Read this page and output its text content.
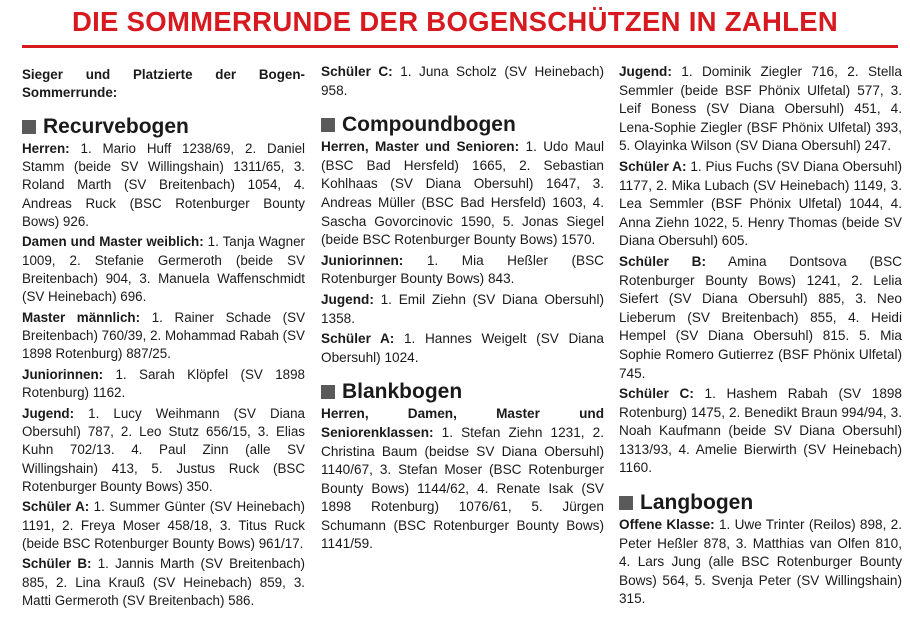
DIE SOMMERRUNDE DER BOGENSCHÜTZEN IN ZAHLEN
Sieger und Platzierte der Bogen-Sommerrunde:
Recurvebogen
Herren: 1. Mario Huff 1238/69, 2. Daniel Stamm (beide SV Willingshain) 1311/65, 3. Roland Marth (SV Breitenbach) 1054, 4. Andreas Ruck (BSC Rotenburger Bounty Bows) 926.
Damen und Master weiblich: 1. Tanja Wagner 1009, 2. Stefanie Germeroth (beide SV Breitenbach) 904, 3. Manuela Waffenschmidt (SV Heinebach) 696.
Master männlich: 1. Rainer Schade (SV Breitenbach) 760/39, 2. Mohammad Rabah (SV 1898 Rotenburg) 887/25.
Juniorinnen: 1. Sarah Klöpfel (SV 1898 Rotenburg) 1162.
Jugend: 1. Lucy Weihmann (SV Diana Obersuhl) 787, 2. Leo Stutz 656/15, 3. Elias Kuhn 702/13. 4. Paul Zinn (alle SV Willingshain) 413, 5. Justus Ruck (BSC Rotenburger Bounty Bows) 350.
Schüler A: 1. Summer Günter (SV Heinebach) 1191, 2. Freya Moser 458/18, 3. Titus Ruck (beide BSC Rotenburger Bounty Bows) 961/17.
Schüler B: 1. Jannis Marth (SV Breitenbach) 885, 2. Lina Krauß (SV Heinebach) 859, 3. Matti Germeroth (SV Breitenbach) 586.
Schüler C: 1. Juna Scholz (SV Heinebach) 958.
Compoundbogen
Herren, Master und Senioren: 1. Udo Maul (BSC Bad Hersfeld) 1665, 2. Sebastian Kohlhaas (SV Diana Obersuhl) 1647, 3. Andreas Müller (BSC Bad Hersfeld) 1603, 4. Sascha Govorcinovic 1590, 5. Jonas Siegel (beide BSC Rotenburger Bounty Bows) 1570.
Juniorinnen: 1. Mia Heßler (BSC Rotenburger Bounty Bows) 843.
Jugend: 1. Emil Ziehn (SV Diana Obersuhl) 1358.
Schüler A: 1. Hannes Weigelt (SV Diana Obersuhl) 1024.
Blankbogen
Herren, Damen, Master und Seniorenklassen: 1. Stefan Ziehn 1231, 2. Christina Baum (beidse SV Diana Obersuhl) 1140/67, 3. Stefan Moser (BSC Rotenburger Bounty Bows) 1144/62, 4. Renate Isak (SV 1898 Rotenburg) 1076/61, 5. Jürgen Schumann (BSC Rotenburger Bounty Bows) 1141/59.
Jugend: 1. Dominik Ziegler 716, 2. Stella Semmler (beide BSF Phönix Ulfetal) 577, 3. Leif Boness (SV Diana Obersuhl) 451, 4. Lena-Sophie Ziegler (BSF Phönix Ulfetal) 393, 5. Olayinka Wilson (SV Diana Obersuhl) 247.
Schüler A: 1. Pius Fuchs (SV Diana Obersuhl) 1177, 2. Mika Lubach (SV Heinebach) 1149, 3. Lea Semmler (BSF Phönix Ulfetal) 1044, 4. Anna Ziehn 1022, 5. Henry Thomas (beide SV Diana Obersuhl) 605.
Schüler B: Amina Dontsova (BSC Rotenburger Bounty Bows) 1241, 2. Lelia Siefert (SV Diana Obersuhl) 885, 3. Neo Lieberum (SV Breitenbach) 855, 4. Heidi Hempel (SV Diana Obersuhl) 815. 5. Mia Sophie Romero Gutierrez (BSF Phönix Ulfetal) 745.
Schüler C: 1. Hashem Rabah (SV 1898 Rotenburg) 1475, 2. Benedikt Braun 994/94, 3. Noah Kaufmann (beide SV Diana Obersuhl) 1313/93, 4. Amelie Bierwirth (SV Heinebach) 1160.
Langbogen
Offene Klasse: 1. Uwe Trinter (Reilos) 898, 2. Peter Heßler 878, 3. Matthias van Olfen 810, 4. Lars Jung (alle BSC Rotenburger Bounty Bows) 564, 5. Svenja Peter (SV Willingshain) 315.
